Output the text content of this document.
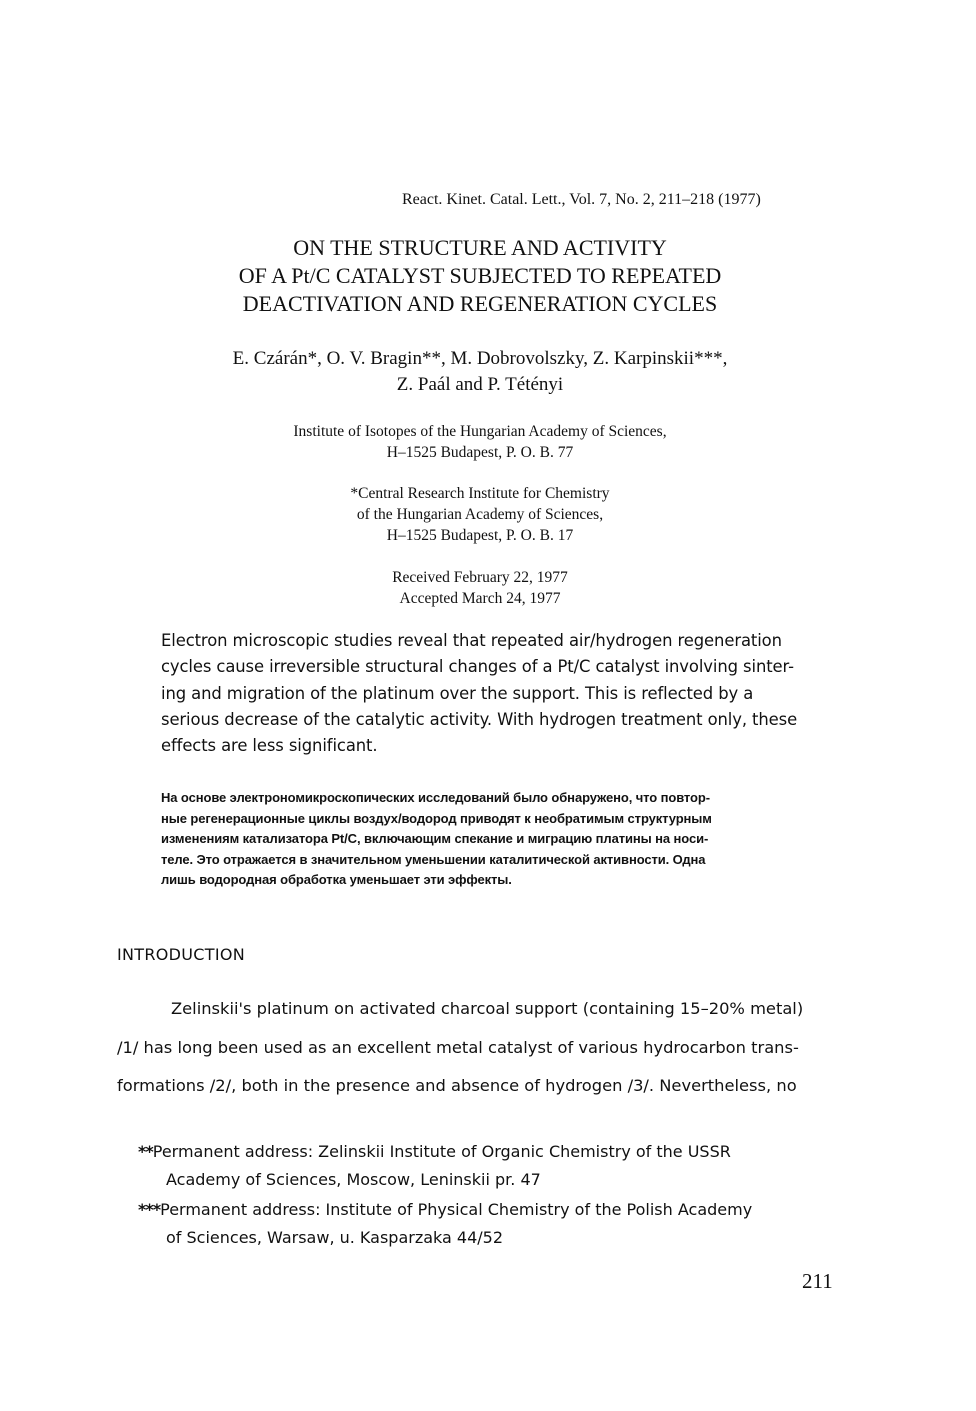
React. Kinet. Catal. Lett., Vol. 7, No. 2, 211–218 (1977)
ON THE STRUCTURE AND ACTIVITY
OF A Pt/C CATALYST SUBJECTED TO REPEATED
DEACTIVATION AND REGENERATION CYCLES
E. Czárán*, O. V. Bragin**, M. Dobrovolszky, Z. Karpinskii***,
Z. Paál and P. Tétényi
Institute of Isotopes of the Hungarian Academy of Sciences,
H–1525 Budapest, P. O. B. 77
*Central Research Institute for Chemistry
of the Hungarian Academy of Sciences,
H–1525 Budapest, P. O. B. 17
Received February 22, 1977
Accepted March 24, 1977
Electron microscopic studies reveal that repeated air/hydrogen regeneration
cycles cause irreversible structural changes of a Pt/C catalyst involving sinter-
ing and migration of the platinum over the support. This is reflected by a
serious decrease of the catalytic activity. With hydrogen treatment only, these
effects are less significant.
На основе электрономикроскопических исследований было обнаружено, что повтор-
ные регенерационные циклы воздух/водород приводят к необратимым структурным
изменениям катализатора Pt/C, включающим спекание и миграцию платины на носи-
теле. Это отражается в значительном уменьшении каталитической активности. Одна
лишь водородная обработка уменьшает эти эффекты.
INTRODUCTION
Zelinskii's platinum on activated charcoal support (containing 15–20% metal)
/1/ has long been used as an excellent metal catalyst of various hydrocarbon trans-
formations /2/, both in the presence and absence of hydrogen /3/. Nevertheless, no
**Permanent address: Zelinskii Institute of Organic Chemistry of the USSR
Academy of Sciences, Moscow, Leninskii pr. 47
***Permanent address: Institute of Physical Chemistry of the Polish Academy
of Sciences, Warsaw, u. Kasparzaka 44/52
211
